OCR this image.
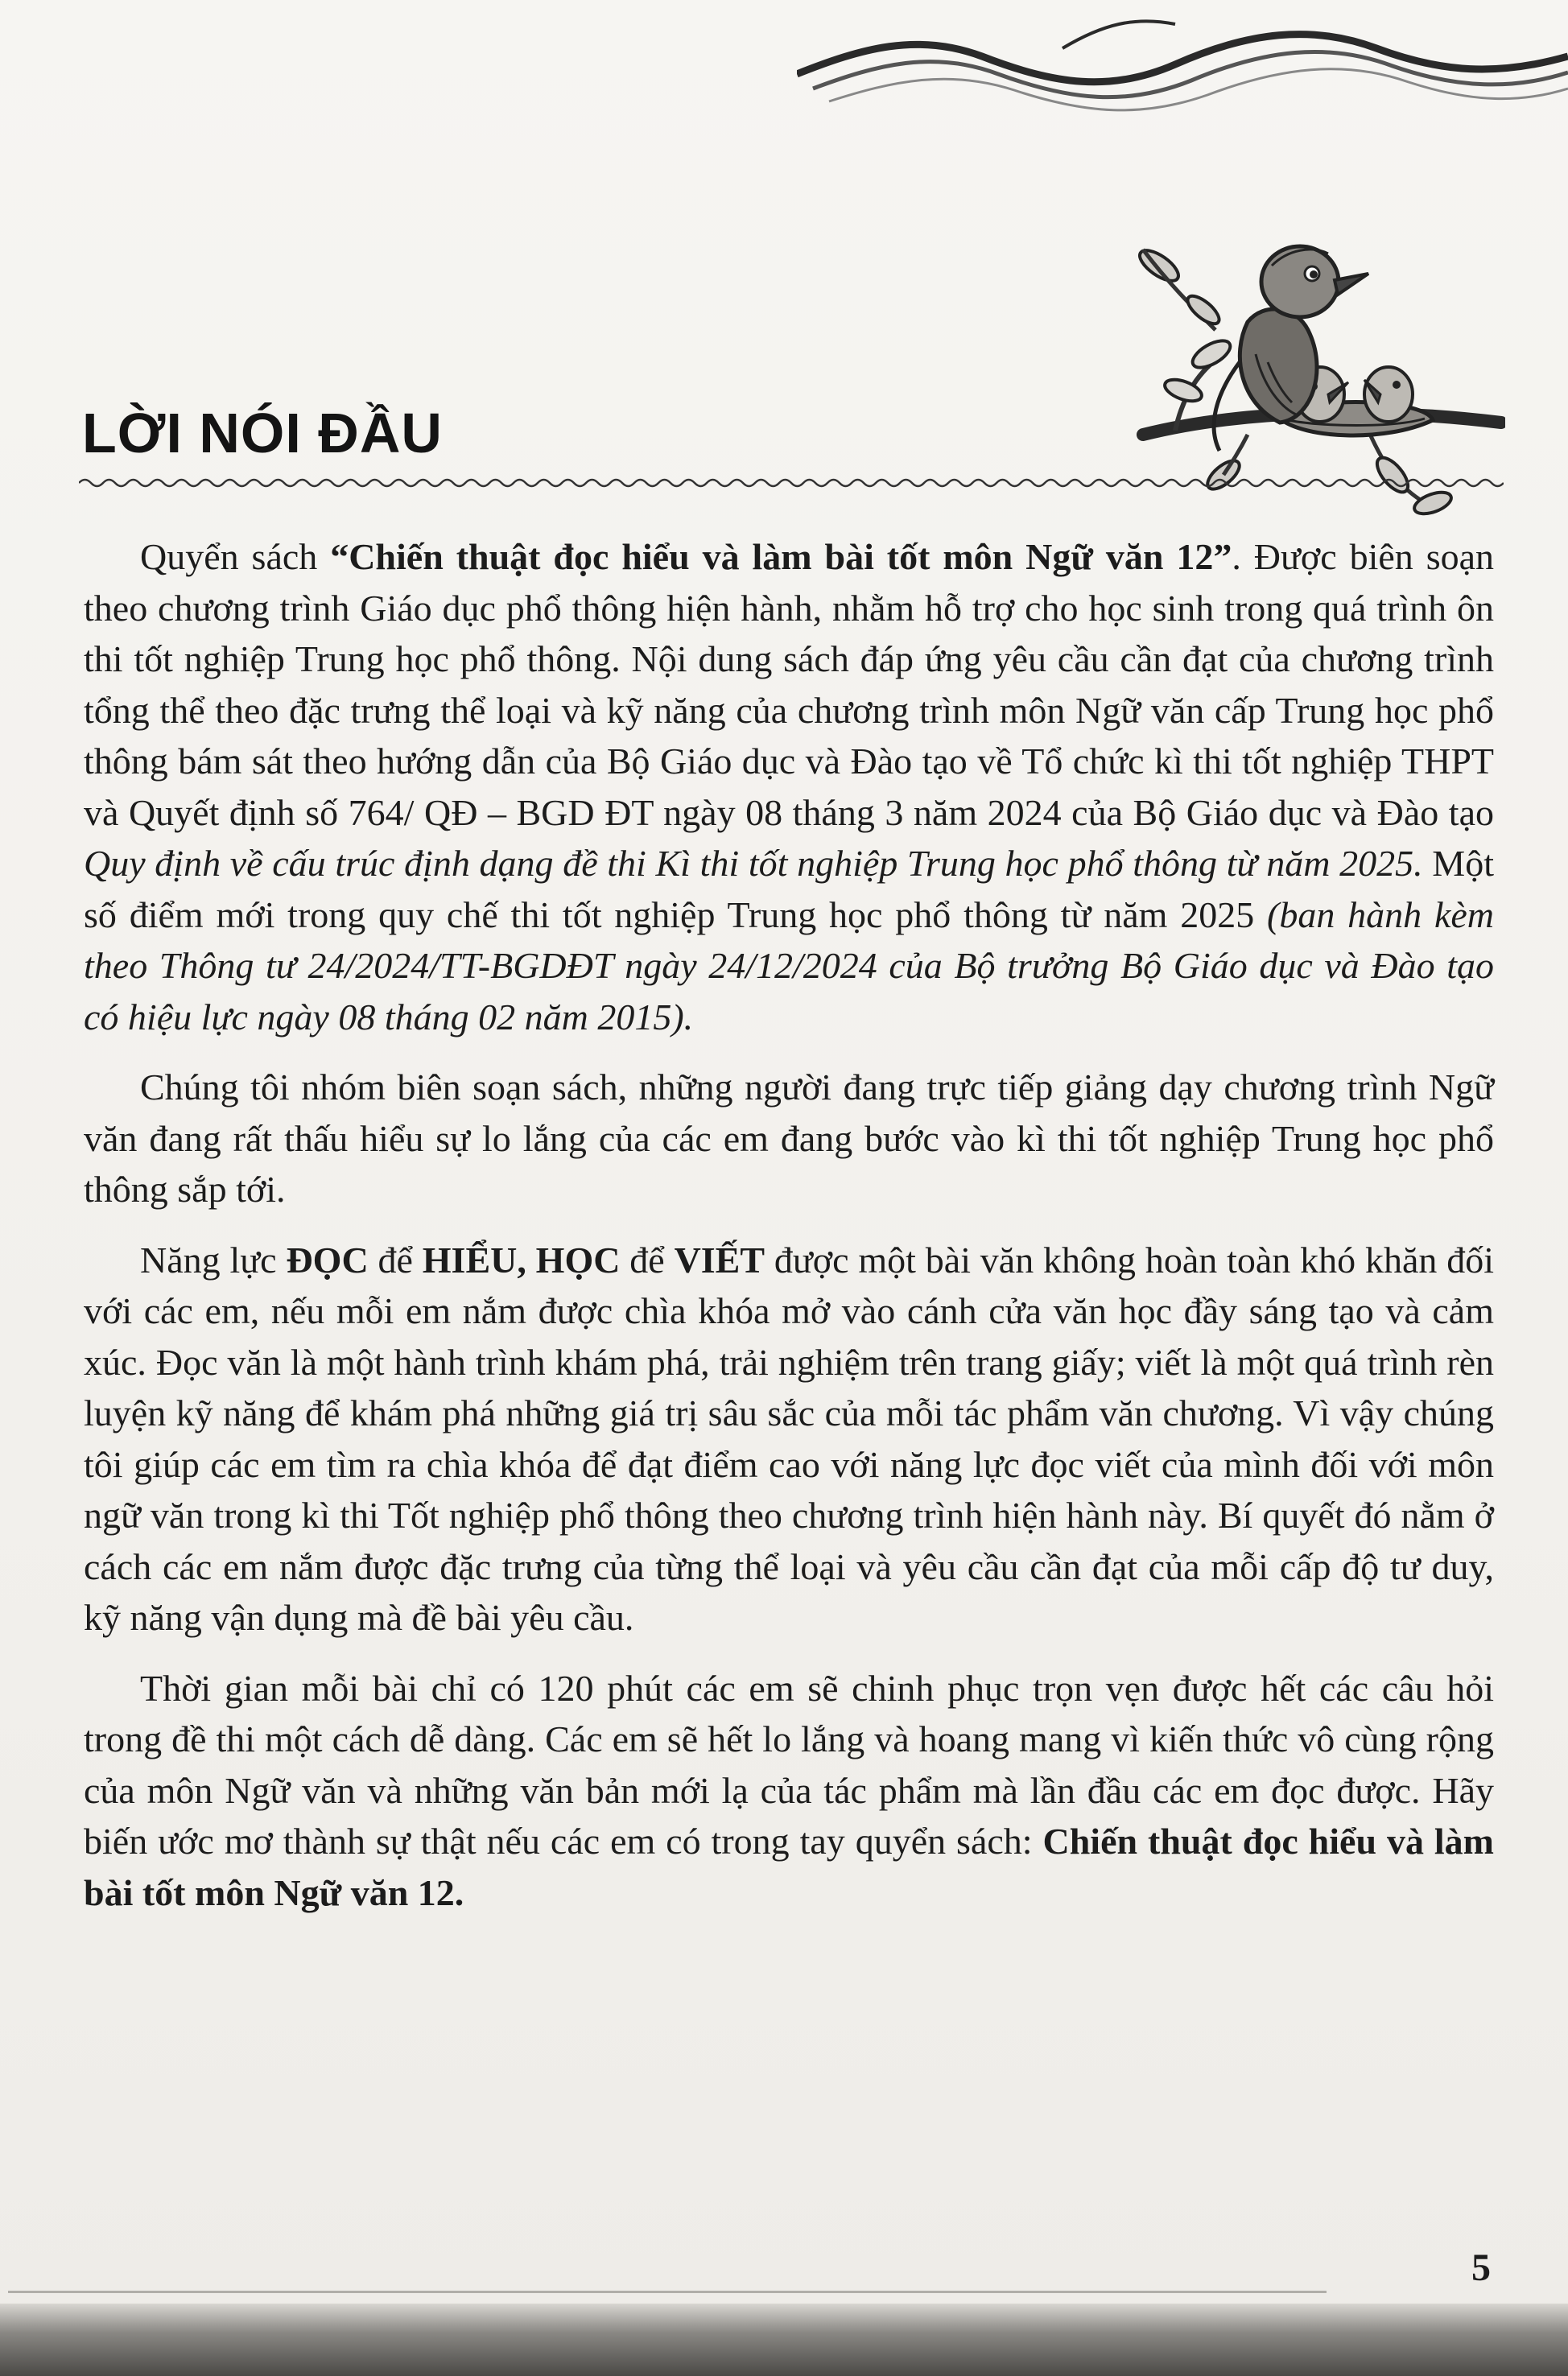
LỜI NÓI ĐẦU

Quyển sách “Chiến thuật đọc hiểu và làm bài tốt môn Ngữ văn 12”. Được biên soạn theo chương trình Giáo dục phổ thông hiện hành, nhằm hỗ trợ cho học sinh trong quá trình ôn thi tốt nghiệp Trung học phổ thông. Nội dung sách đáp ứng yêu cầu cần đạt của chương trình tổng thể theo đặc trưng thể loại và kỹ năng của chương trình môn Ngữ văn cấp Trung học phổ thông bám sát theo hướng dẫn của Bộ Giáo dục và Đào tạo về Tổ chức kì thi tốt nghiệp THPT và Quyết định số 764/ QĐ – BGD ĐT ngày 08 tháng 3 năm 2024 của Bộ Giáo dục và Đào tạo Quy định về cấu trúc định dạng đề thi Kì thi tốt nghiệp Trung học phổ thông từ năm 2025. Một số điểm mới trong quy chế thi tốt nghiệp Trung học phổ thông từ năm 2025 (ban hành kèm theo Thông tư 24/2024/TT-BGDĐT ngày 24/12/2024 của Bộ trưởng Bộ Giáo dục và Đào tạo có hiệu lực ngày 08 tháng 02 năm 2015).

Chúng tôi nhóm biên soạn sách, những người đang trực tiếp giảng dạy chương trình Ngữ văn đang rất thấu hiểu sự lo lắng của các em đang bước vào kì thi tốt nghiệp Trung học phổ thông sắp tới.

Năng lực ĐỌC để HIỂU, HỌC để VIẾT được một bài văn không hoàn toàn khó khăn đối với các em, nếu mỗi em nắm được chìa khóa mở vào cánh cửa văn học đầy sáng tạo và cảm xúc. Đọc văn là một hành trình khám phá, trải nghiệm trên trang giấy; viết là một quá trình rèn luyện kỹ năng để khám phá những giá trị sâu sắc của mỗi tác phẩm văn chương. Vì vậy chúng tôi giúp các em tìm ra chìa khóa để đạt điểm cao với năng lực đọc viết của mình đối với môn ngữ văn trong kì thi Tốt nghiệp phổ thông theo chương trình hiện hành này. Bí quyết đó nằm ở cách các em nắm được đặc trưng của từng thể loại và yêu cầu cần đạt của mỗi cấp độ tư duy, kỹ năng vận dụng mà đề bài yêu cầu.

Thời gian mỗi bài chỉ có 120 phút các em sẽ chinh phục trọn vẹn được hết các câu hỏi trong đề thi một cách dễ dàng. Các em sẽ hết lo lắng và hoang mang vì kiến thức vô cùng rộng của môn Ngữ văn và những văn bản mới lạ của tác phẩm mà lần đầu các em đọc được. Hãy biến ước mơ thành sự thật nếu các em có trong tay quyển sách: Chiến thuật đọc hiểu và làm bài tốt môn Ngữ văn 12.

5
